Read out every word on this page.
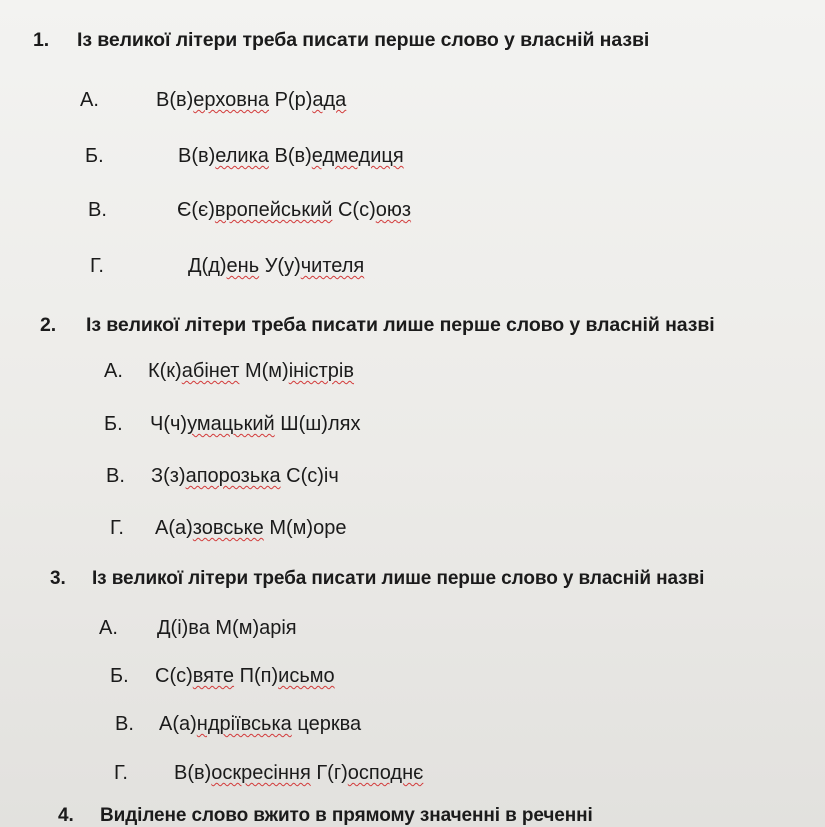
1. Із великої літери треба писати перше слово у власній назві
А.	В(в)ерховна Р(р)ада
Б.	В(в)елика В(в)едмедиця
В.	Є(є)вропейський С(с)оюз
Г.	Д(д)ень У(у)чителя
2. Із великої літери треба писати лише перше слово у власній назві
А. К(к)абінет М(м)іністрів
Б. Ч(ч)умацький Ш(ш)лях
В. З(з)апорозька С(с)іч
Г. А(а)зовське М(м)оре
3. Із великої літери треба писати лише перше слово у власній назві
А. Д(і)ва М(м)арія
Б. С(с)вяте П(п)исьмо
В. А(а)ндріївська церква
Г. В(в)оскресіння Г(г)осподнє
4. Виділене слово вжито в прямому значенні в реченні
